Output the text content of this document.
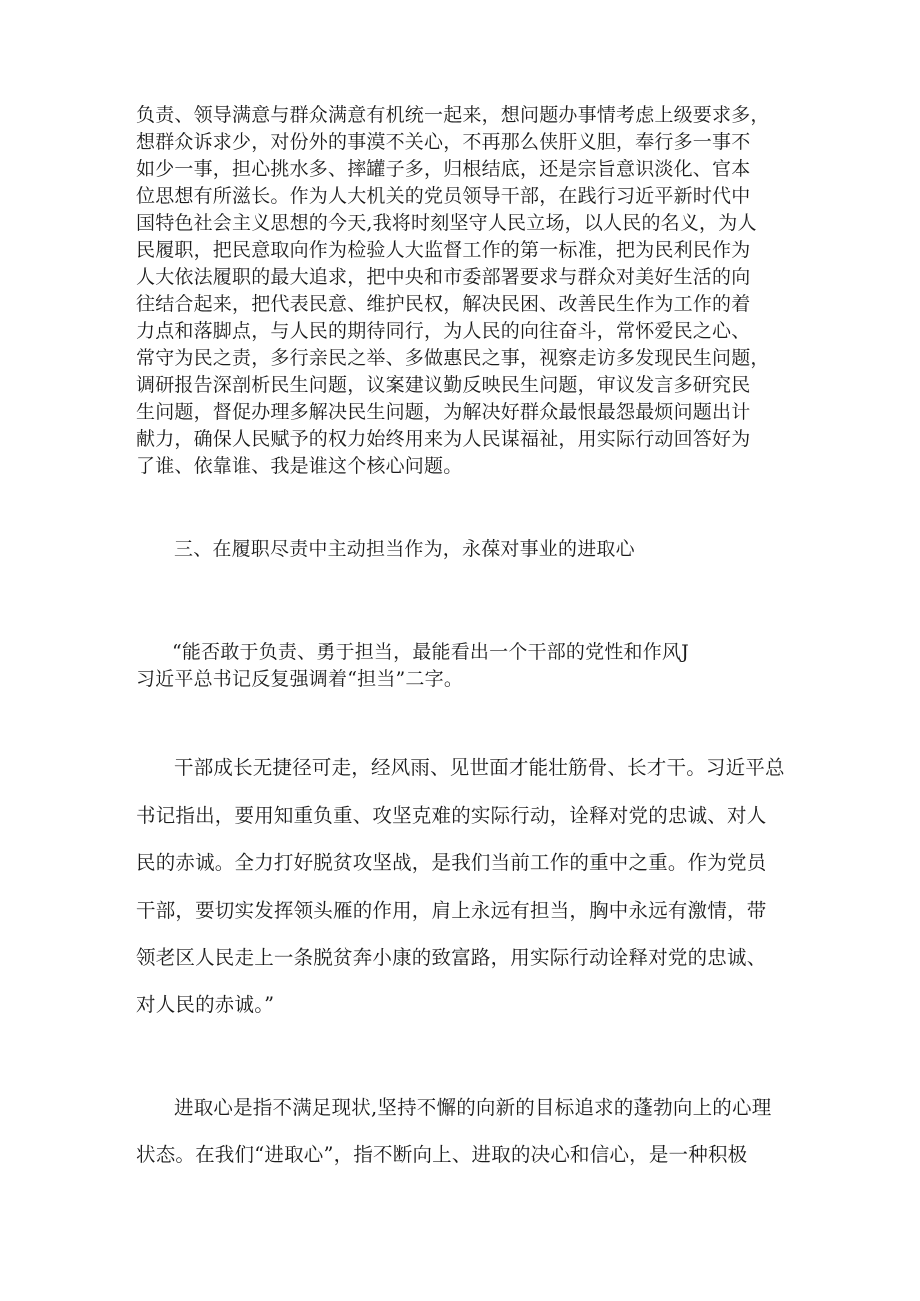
负责、领导满意与群众满意有机统一起来，想问题办事情考虑上级要求多，
想群众诉求少，对份外的事漠不关心，不再那么侠肝义胆，奉行多一事不
如少一事，担心挑水多、摔罐子多，归根结底，还是宗旨意识淡化、官本
位思想有所滋长。作为人大机关的党员领导干部，在践行习近平新时代中
国特色社会主义思想的今天,我将时刻坚守人民立场，以人民的名义，为人
民履职，把民意取向作为检验人大监督工作的第一标准，把为民利民作为
人大依法履职的最大追求，把中央和市委部署要求与群众对美好生活的向
往结合起来，把代表民意、维护民权，解决民困、改善民生作为工作的着
力点和落脚点，与人民的期待同行，为人民的向往奋斗，常怀爱民之心、
常守为民之责，多行亲民之举、多做惠民之事，视察走访多发现民生问题，
调研报告深剖析民生问题，议案建议勤反映民生问题，审议发言多研究民
生问题，督促办理多解决民生问题，为解决好群众最恨最怨最烦问题出计
献力，确保人民赋予的权力始终用来为人民谋福祉，用实际行动回答好为
了谁、依靠谁、我是谁这个核心问题。
三、在履职尽责中主动担当作为，永葆对事业的进取心
“能否敢于负责、勇于担当，最能看出一个干部的党性和作风J
习近平总书记反复强调着“担当”二字。
干部成长无捷径可走，经风雨、见世面才能壮筋骨、长才干。习近平总
书记指出，要用知重负重、攻坚克难的实际行动，诠释对党的忠诚、对人
民的赤诚。全力打好脱贫攻坚战，是我们当前工作的重中之重。作为党员
干部，要切实发挥领头雁的作用，肩上永远有担当，胸中永远有激情，带
领老区人民走上一条脱贫奔小康的致富路，用实际行动诠释对党的忠诚、
对人民的赤诚。”
进取心是指不满足现状,坚持不懈的向新的目标追求的蓬勃向上的心理
状态。在我们“进取心”，指不断向上、进取的决心和信心，是一种积极
